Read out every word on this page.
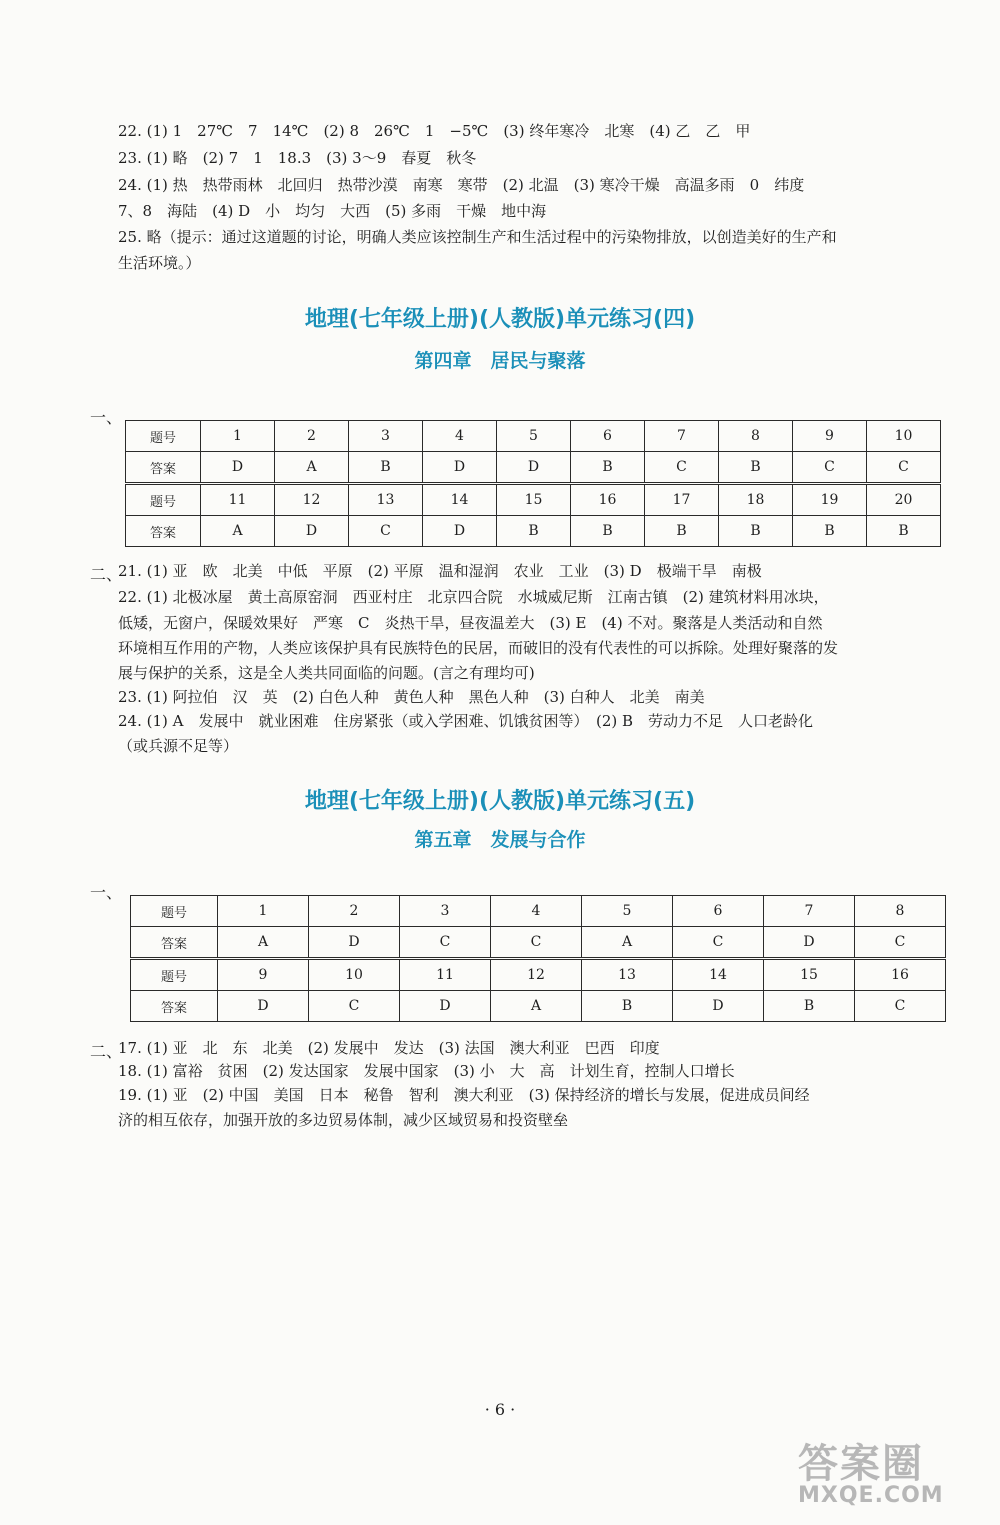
22. (1) 1　27℃　7　14℃　(2) 8　26℃　1　−5℃　(3) 终年寒冷　北寒　(4) 乙　乙　甲
23. (1) 略　(2) 7　1　18.3　(3) 3～9　春夏　秋冬
24. (1) 热　热带雨林　北回归　热带沙漠　南寒　寒带　(2) 北温　(3) 寒冷干燥　高温多雨　0　纬度
7、8　海陆　(4) D　小　均匀　大西　(5) 多雨　干燥　地中海
25. 略（提示：通过这道题的讨论，明确人类应该控制生产和生活过程中的污染物排放，以创造美好的生产和
生活环境。）
地理(七年级上册)(人教版)单元练习(四)
第四章　居民与聚落
一、
题号	1	2	3	4	5	6	7	8	9	10
答案	D	A	B	D	D	B	C	B	C	C
题号	11	12	13	14	15	16	17	18	19	20
答案	A	D	C	D	B	B	B	B	B	B
二、
21. (1) 亚　欧　北美　中低　平原　(2) 平原　温和湿润　农业　工业　(3) D　极端干旱　南极
22. (1) 北极冰屋　黄土高原窑洞　西亚村庄　北京四合院　水城威尼斯　江南古镇　(2) 建筑材料用冰块，
低矮，无窗户，保暖效果好　严寒　C　炎热干旱，昼夜温差大　(3) E　(4) 不对。聚落是人类活动和自然
环境相互作用的产物，人类应该保护具有民族特色的民居，而破旧的没有代表性的可以拆除。处理好聚落的发
展与保护的关系，这是全人类共同面临的问题。(言之有理均可)
23. (1) 阿拉伯　汉　英　(2) 白色人种　黄色人种　黑色人种　(3) 白种人　北美　南美
24. (1) A　发展中　就业困难　住房紧张（或入学困难、饥饿贫困等）　(2) B　劳动力不足　人口老龄化
（或兵源不足等）
地理(七年级上册)(人教版)单元练习(五)
第五章　发展与合作
一、
题号	1	2	3	4	5	6	7	8
答案	A	D	C	C	A	C	D	C
题号	9	10	11	12	13	14	15	16
答案	D	C	D	A	B	D	B	C
二、
17. (1) 亚　北　东　北美　(2) 发展中　发达　(3) 法国　澳大利亚　巴西　印度
18. (1) 富裕　贫困　(2) 发达国家　发展中国家　(3) 小　大　高　计划生育，控制人口增长
19. (1) 亚　(2) 中国　美国　日本　秘鲁　智利　澳大利亚　(3) 保持经济的增长与发展，促进成员间经
济的相互依存，加强开放的多边贸易体制，减少区域贸易和投资壁垒
· 6 ·
答案圈
MXQE.COM
